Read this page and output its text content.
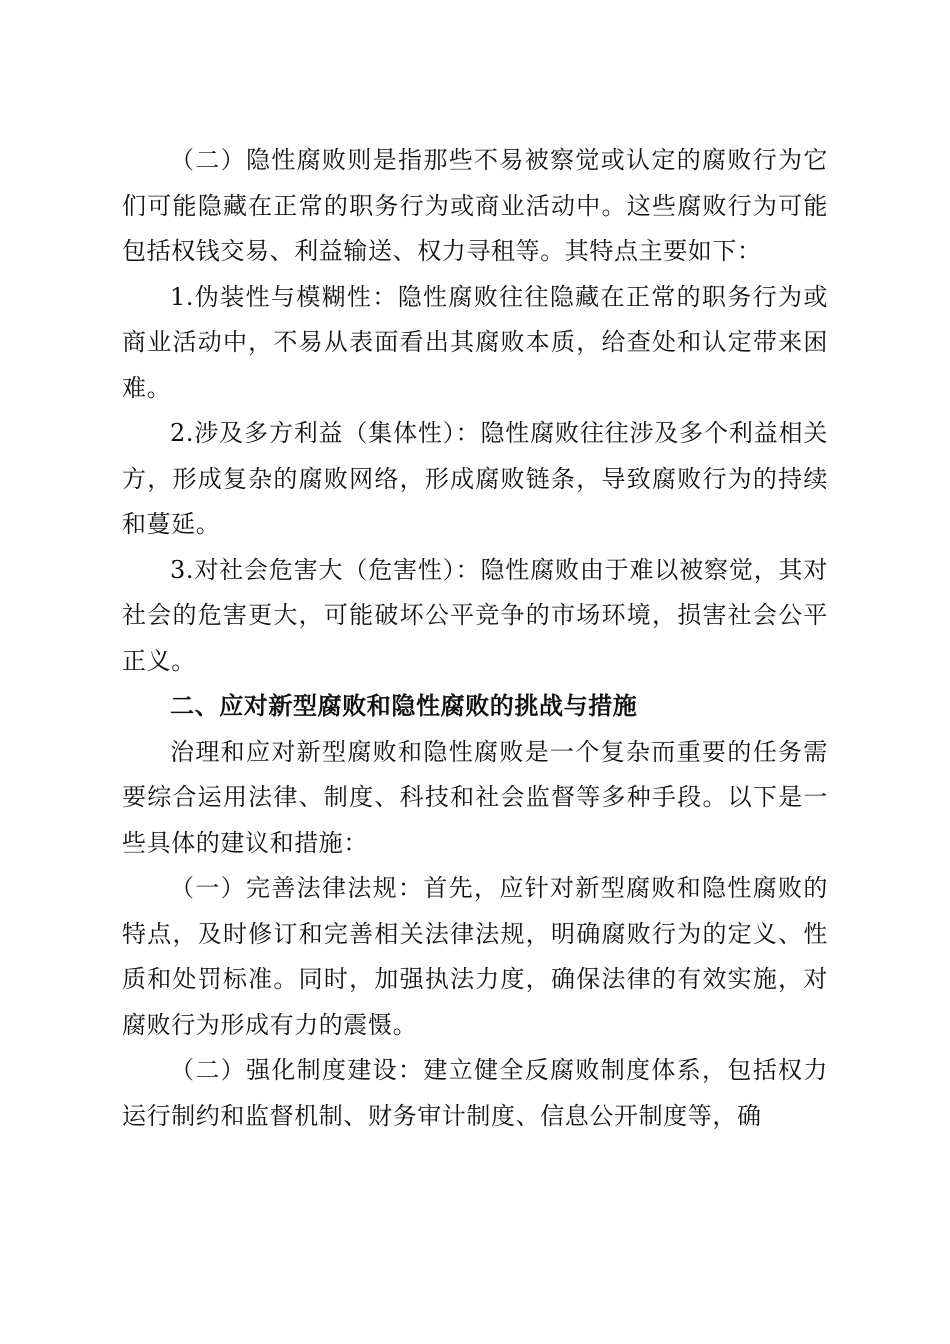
（二）隐性腐败则是指那些不易被察觉或认定的腐败行为它们可能隐藏在正常的职务行为或商业活动中。这些腐败行为可能包括权钱交易、利益输送、权力寻租等。其特点主要如下：

1.伪装性与模糊性：隐性腐败往往隐藏在正常的职务行为或商业活动中，不易从表面看出其腐败本质，给查处和认定带来困难。

2.涉及多方利益（集体性）：隐性腐败往往涉及多个利益相关方，形成复杂的腐败网络，形成腐败链条，导致腐败行为的持续和蔓延。

3.对社会危害大（危害性）：隐性腐败由于难以被察觉，其对社会的危害更大，可能破坏公平竞争的市场环境，损害社会公平正义。

二、应对新型腐败和隐性腐败的挑战与措施

治理和应对新型腐败和隐性腐败是一个复杂而重要的任务需要综合运用法律、制度、科技和社会监督等多种手段。以下是一些具体的建议和措施：

（一）完善法律法规：首先，应针对新型腐败和隐性腐败的特点，及时修订和完善相关法律法规，明确腐败行为的定义、性质和处罚标准。同时，加强执法力度，确保法律的有效实施，对腐败行为形成有力的震慑。

（二）强化制度建设：建立健全反腐败制度体系，包括权力运行制约和监督机制、财务审计制度、信息公开制度等，确
